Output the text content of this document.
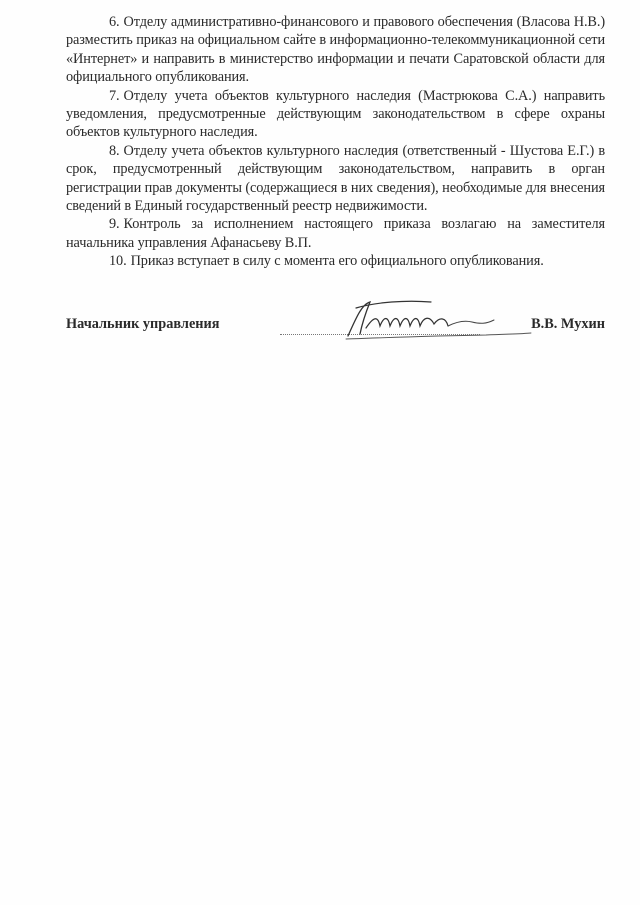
6. Отделу административно-финансового и правового обеспечения (Власова Н.В.) разместить приказ на официальном сайте в информационно-телекоммуникационной сети «Интернет» и направить в министерство информации и печати Саратовской области для официального опубликования.

7. Отделу учета объектов культурного наследия (Мастрюкова С.А.) направить уведомления, предусмотренные действующим законодательством в сфере охраны объектов культурного наследия.

8. Отделу учета объектов культурного наследия (ответственный - Шустова Е.Г.) в срок, предусмотренный действующим законодательством, направить в орган регистрации прав документы (содержащиеся в них сведения), необходимые для внесения сведений в Единый государственный реестр недвижимости.

9. Контроль за исполнением настоящего приказа возлагаю на заместителя начальника управления Афанасьеву В.П.

10. Приказ вступает в силу с момента его официального опубликования.

Начальник управления	В.В. Мухин
